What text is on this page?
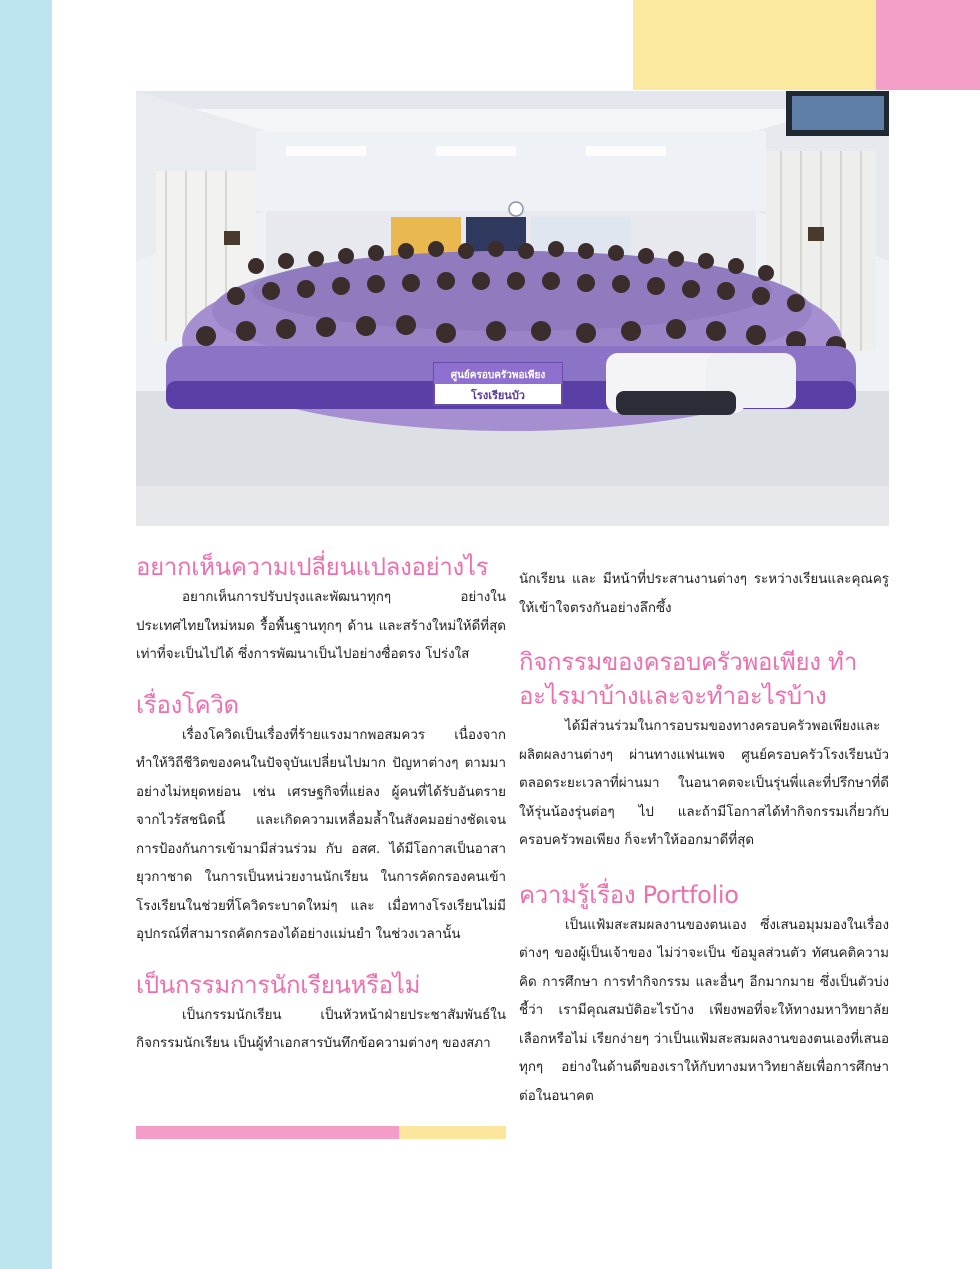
ศูนย์ครอบครัวพอเพียง
โรงเรียนบัว
อยากเห็นความเปลี่ยนแปลงอย่างไร

อยากเห็นการปรับปรุงและพัฒนาทุกๆ อย่างในประเทศไทยใหม่หมด รื้อพื้นฐานทุกๆ ด้าน และสร้างใหม่ให้ดีที่สุด เท่าที่จะเป็นไปได้ ซึ่งการพัฒนาเป็นไปอย่างซื่อตรง โปร่งใส

เรื่องโควิด

เรื่องโควิดเป็นเรื่องที่ร้ายแรงมากพอสมควร เนื่องจากทำให้วิถีชีวิตของคนในปัจจุบันเปลี่ยนไปมาก ปัญหาต่างๆ ตามมาอย่างไม่หยุดหย่อน เช่น เศรษฐกิจที่แย่ลง ผู้คนที่ได้รับอันตรายจากไวรัสชนิดนี้ และเกิดความเหลื่อมล้ำในสังคมอย่างชัดเจน การป้องกันการเข้ามามีส่วนร่วม กับ อสศ. ได้มีโอกาสเป็นอาสายุวกาชาด ในการเป็นหน่วยงานนักเรียน ในการคัดกรองคนเข้าโรงเรียนในช่วยที่โควิดระบาดใหม่ๆ และ เมื่อทางโรงเรียนไม่มีอุปกรณ์ที่สามารถคัดกรองได้อย่างแม่นยำ ในช่วงเวลานั้น

เป็นกรรมการนักเรียนหรือไม่

เป็นกรรมนักเรียน เป็นหัวหน้าฝ่ายประชาสัมพันธ์ในกิจกรรมนักเรียน เป็นผู้ทำเอกสารบันทึกข้อความต่างๆ ของสภา

นักเรียน และ มีหน้าที่ประสานงานต่างๆ ระหว่างเรียนและคุณครูให้เข้าใจตรงกันอย่างลึกซึ้ง

กิจกรรมของครอบครัวพอเพียง ทำอะไรมาบ้างและจะทำอะไรบ้าง

ได้มีส่วนร่วมในการอบรมของทางครอบครัวพอเพียงและผลิตผลงานต่างๆ ผ่านทางแฟนเพจ ศูนย์ครอบครัวโรงเรียนบัวตลอดระยะเวลาที่ผ่านมา ในอนาคตจะเป็นรุ่นพี่และที่ปรึกษาที่ดีให้รุ่นน้องรุ่นต่อๆ ไป และถ้ามีโอกาสได้ทำกิจกรรมเกี่ยวกับครอบครัวพอเพียง ก็จะทำให้ออกมาดีที่สุด

ความรู้เรื่อง Portfolio

เป็นแฟ้มสะสมผลงานของตนเอง ซึ่งเสนอมุมมองในเรื่องต่างๆ ของผู้เป็นเจ้าของ ไม่ว่าจะเป็น ข้อมูลส่วนตัว ทัศนคติความคิด การศึกษา การทำกิจกรรม และอื่นๆ อีกมากมาย ซึ่งเป็นตัวบ่งชี้ว่า เรามีคุณสมบัติอะไรบ้าง เพียงพอที่จะให้ทางมหาวิทยาลัยเลือกหรือไม่ เรียกง่ายๆ ว่าเป็นแฟ้มสะสมผลงานของตนเองที่เสนอทุกๆ อย่างในด้านดีของเราให้กับทางมหาวิทยาลัยเพื่อการศึกษาต่อในอนาคต
